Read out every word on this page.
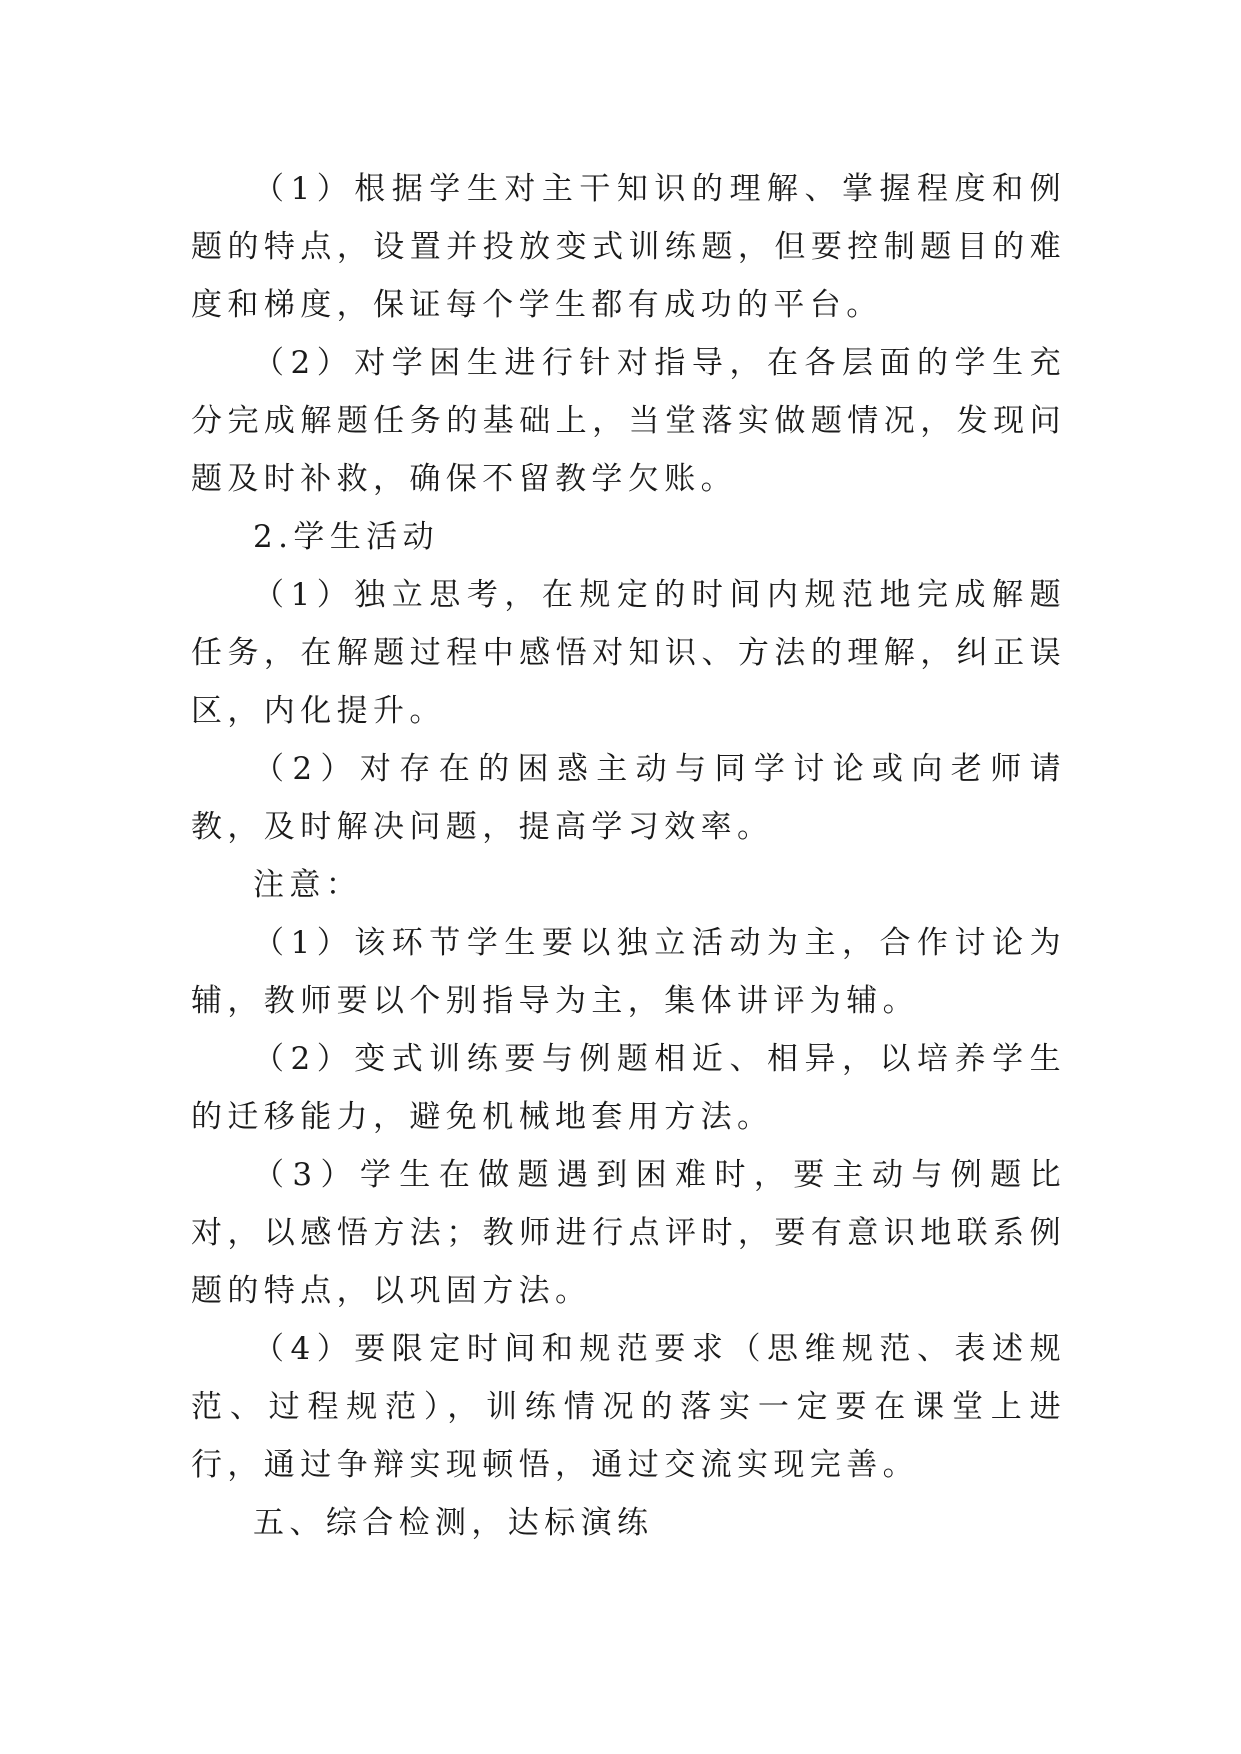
（1）根据学生对主干知识的理解、掌握程度和例题的特点，设置并投放变式训练题，但要控制题目的难度和梯度，保证每个学生都有成功的平台。

（2）对学困生进行针对指导，在各层面的学生充分完成解题任务的基础上，当堂落实做题情况，发现问题及时补救，确保不留教学欠账。

2.学生活动

（1）独立思考，在规定的时间内规范地完成解题任务，在解题过程中感悟对知识、方法的理解，纠正误区，内化提升。

（2）对存在的困惑主动与同学讨论或向老师请教，及时解决问题，提高学习效率。

注意：

（1）该环节学生要以独立活动为主，合作讨论为辅，教师要以个别指导为主，集体讲评为辅。

（2）变式训练要与例题相近、相异，以培养学生的迁移能力，避免机械地套用方法。

（3）学生在做题遇到困难时，要主动与例题比对，以感悟方法；教师进行点评时，要有意识地联系例题的特点，以巩固方法。

（4）要限定时间和规范要求（思维规范、表述规范、过程规范），训练情况的落实一定要在课堂上进行，通过争辩实现顿悟，通过交流实现完善。

五、综合检测，达标演练
